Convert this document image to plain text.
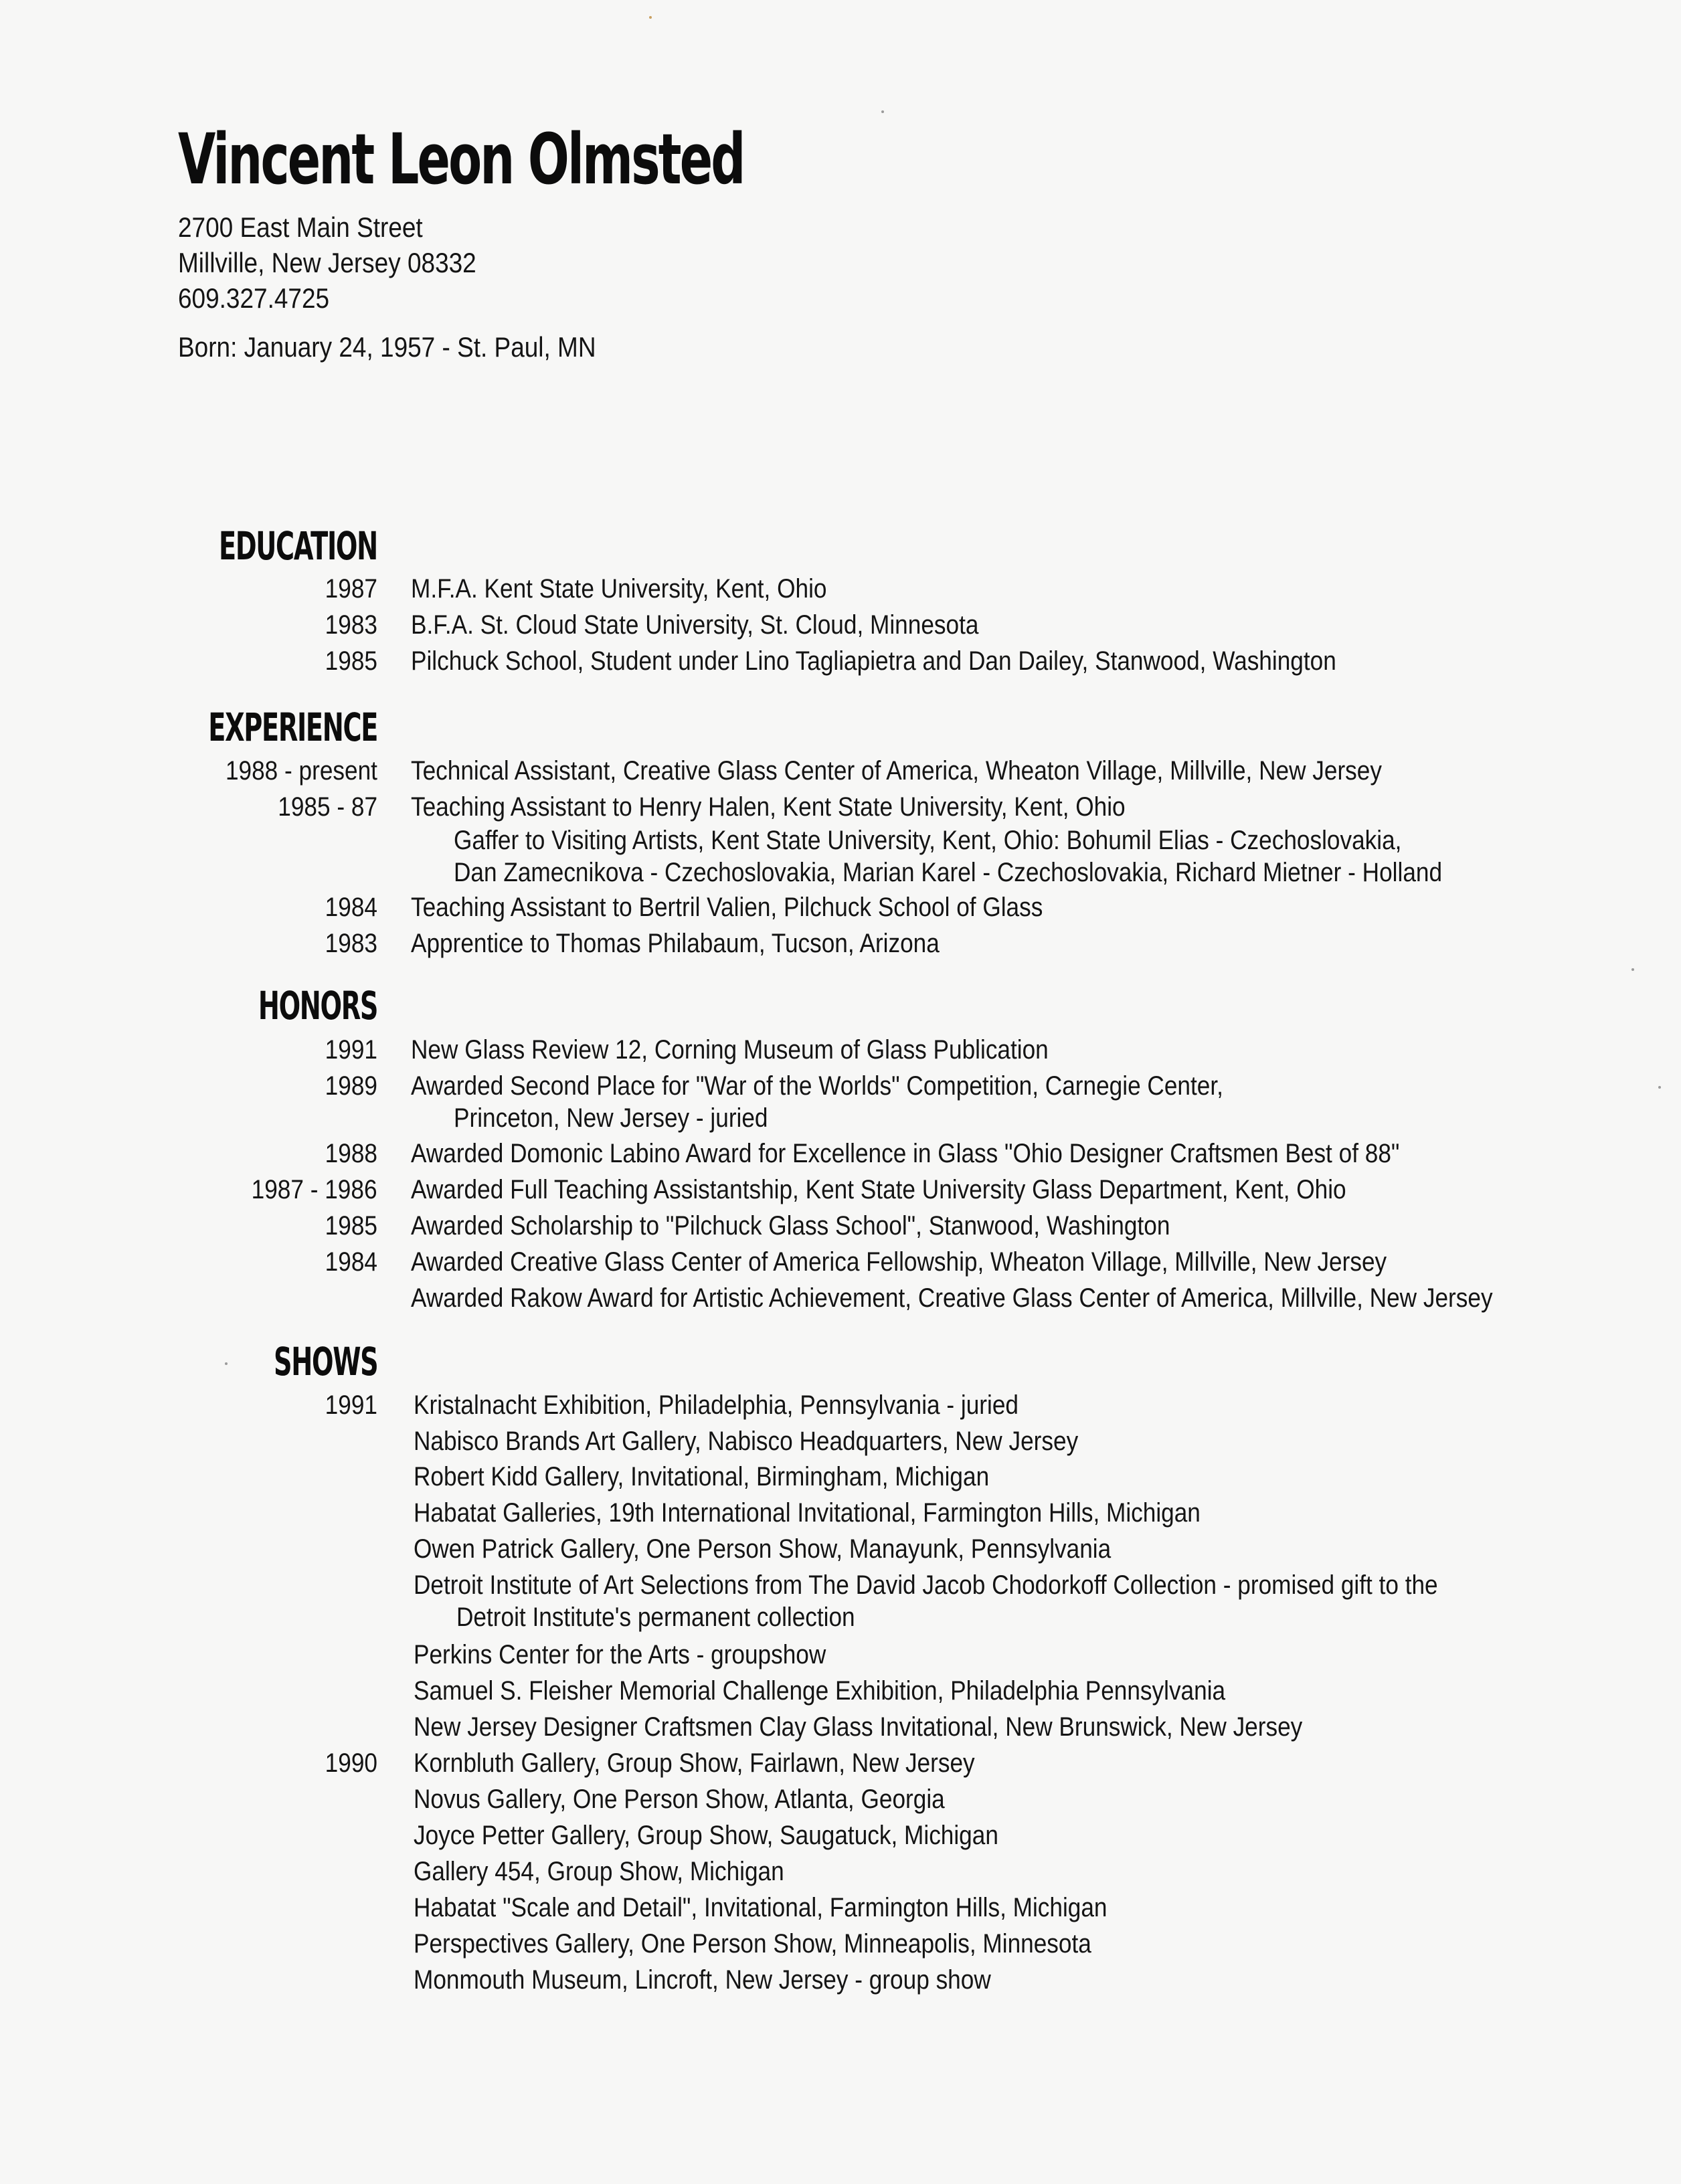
Vincent Leon Olmsted
2700 East Main Street
Millville, New Jersey 08332
609.327.4725
Born: January 24, 1957 - St. Paul, MN
EDUCATION
1987 M.F.A. Kent State University, Kent, Ohio
1983 B.F.A. St. Cloud State University, St. Cloud, Minnesota
1985 Pilchuck School, Student under Lino Tagliapietra and Dan Dailey, Stanwood, Washington
EXPERIENCE
1988 - present Technical Assistant, Creative Glass Center of America, Wheaton Village, Millville, New Jersey
1985 - 87 Teaching Assistant to Henry Halen, Kent State University, Kent, Ohio
Gaffer to Visiting Artists, Kent State University, Kent, Ohio: Bohumil Elias - Czechoslovakia,
Dan Zamecnikova - Czechoslovakia, Marian Karel - Czechoslovakia, Richard Mietner - Holland
1984 Teaching Assistant to Bertril Valien, Pilchuck School of Glass
1983 Apprentice to Thomas Philabaum, Tucson, Arizona
HONORS
1991 New Glass Review 12, Corning Museum of Glass Publication
1989 Awarded Second Place for "War of the Worlds" Competition, Carnegie Center,
Princeton, New Jersey - juried
1988 Awarded Domonic Labino Award for Excellence in Glass "Ohio Designer Craftsmen Best of 88"
1987 - 1986 Awarded Full Teaching Assistantship, Kent State University Glass Department, Kent, Ohio
1985 Awarded Scholarship to "Pilchuck Glass School", Stanwood, Washington
1984 Awarded Creative Glass Center of America Fellowship, Wheaton Village, Millville, New Jersey
Awarded Rakow Award for Artistic Achievement, Creative Glass Center of America, Millville, New Jersey
SHOWS
1991 Kristalnacht Exhibition, Philadelphia, Pennsylvania - juried
Nabisco Brands Art Gallery, Nabisco Headquarters, New Jersey
Robert Kidd Gallery, Invitational, Birmingham, Michigan
Habatat Galleries, 19th International Invitational, Farmington Hills, Michigan
Owen Patrick Gallery, One Person Show, Manayunk, Pennsylvania
Detroit Institute of Art Selections from The David Jacob Chodorkoff Collection - promised gift to the
Detroit Institute's permanent collection
Perkins Center for the Arts - groupshow
Samuel S. Fleisher Memorial Challenge Exhibition, Philadelphia Pennsylvania
New Jersey Designer Craftsmen Clay Glass Invitational, New Brunswick, New Jersey
1990 Kornbluth Gallery, Group Show, Fairlawn, New Jersey
Novus Gallery, One Person Show, Atlanta, Georgia
Joyce Petter Gallery, Group Show, Saugatuck, Michigan
Gallery 454, Group Show, Michigan
Habatat "Scale and Detail", Invitational, Farmington Hills, Michigan
Perspectives Gallery, One Person Show, Minneapolis, Minnesota
Monmouth Museum, Lincroft, New Jersey - group show
